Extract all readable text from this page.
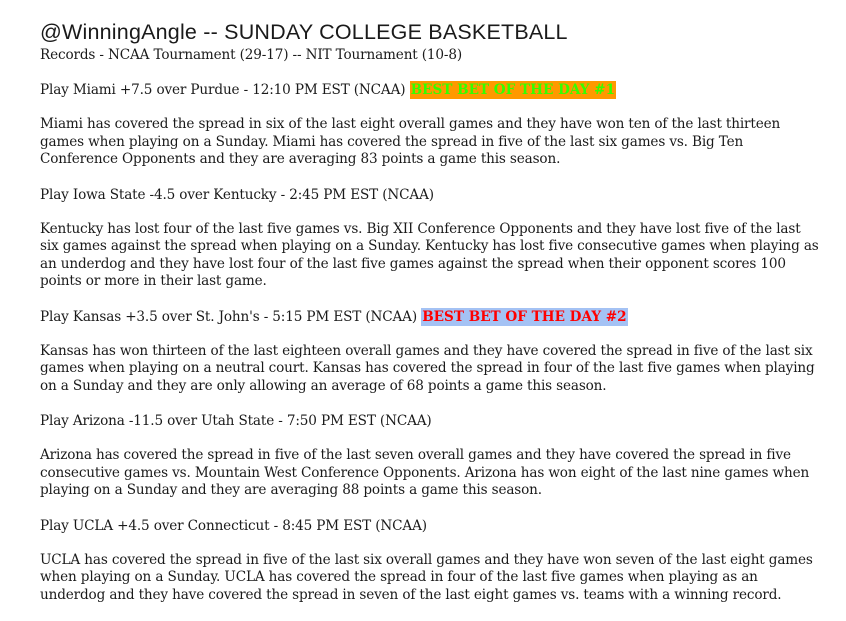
@WinningAngle -- SUNDAY COLLEGE BASKETBALL

Records - NCAA Tournament (29-17) -- NIT Tournament (10-8)

Play Miami +7.5 over Purdue - 12:10 PM EST (NCAA) BEST BET OF THE DAY #1

Miami has covered the spread in six of the last eight overall games and they have won ten of the last thirteen games when playing on a Sunday. Miami has covered the spread in five of the last six games vs. Big Ten Conference Opponents and they are averaging 83 points a game this season.

Play Iowa State -4.5 over Kentucky - 2:45 PM EST (NCAA)

Kentucky has lost four of the last five games vs. Big XII Conference Opponents and they have lost five of the last six games against the spread when playing on a Sunday. Kentucky has lost five consecutive games when playing as an underdog and they have lost four of the last five games against the spread when their opponent scores 100 points or more in their last game.

Play Kansas +3.5 over St. John's - 5:15 PM EST (NCAA) BEST BET OF THE DAY #2

Kansas has won thirteen of the last eighteen overall games and they have covered the spread in five of the last six games when playing on a neutral court. Kansas has covered the spread in four of the last five games when playing on a Sunday and they are only allowing an average of 68 points a game this season.

Play Arizona -11.5 over Utah State - 7:50 PM EST (NCAA)

Arizona has covered the spread in five of the last seven overall games and they have covered the spread in five consecutive games vs. Mountain West Conference Opponents. Arizona has won eight of the last nine games when playing on a Sunday and they are averaging 88 points a game this season.

Play UCLA +4.5 over Connecticut - 8:45 PM EST (NCAA)

UCLA has covered the spread in five of the last six overall games and they have won seven of the last eight games when playing on a Sunday. UCLA has covered the spread in four of the last five games when playing as an underdog and they have covered the spread in seven of the last eight games vs. teams with a winning record.
